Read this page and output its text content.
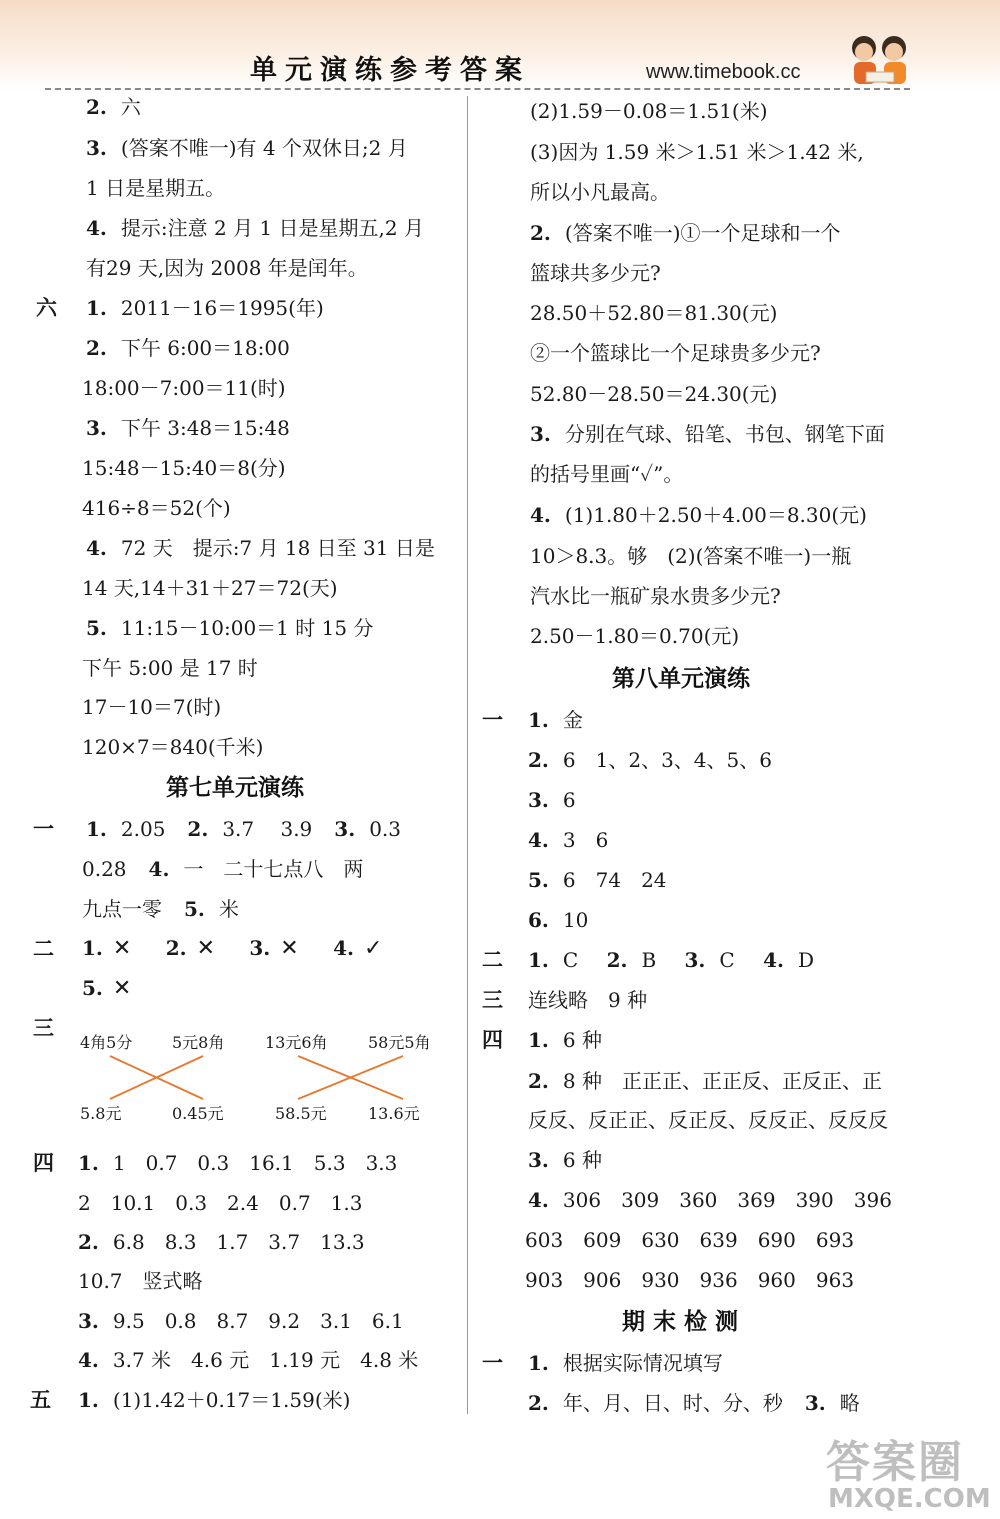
单元演练参考答案	www.timebook.cc
2. 六
3. (答案不唯一)有 4 个双休日;2 月
1 日是星期五。
4. 提示:注意 2 月 1 日是星期五,2 月
有29 天,因为 2008 年是闰年。
六 1. 2011－16＝1995(年)
2. 下午 6:00＝18:00
18:00－7:00＝11(时)
3. 下午 3:48＝15:48
15:48－15:40＝8(分)
416÷8＝52(个)
4. 72 天　提示:7 月 18 日至 31 日是
14 天,14＋31＋27＝72(天)
5. 11:15－10:00＝1 时 15 分
下午 5:00 是 17 时
17－10＝7(时)
120×7＝840(千米)
第七单元演练
一 1. 2.05 2. 3.7　 3.9 3. 0.3
0.28 4. 一　二十七点八　两
九点一零 5. 米
二 1. ✕ 2. ✕ 3. ✕ 4. ✓
5. ✕
三
4角5分 5元8角	13元6角	58元5角
5.8元	0.45元	58.5元	13.6元
四 1. 1　0.7　0.3　16.1　5.3　3.3
2　10.1　0.3　2.4　0.7　1.3
2. 6.8　8.3　1.7　3.7　13.3
10.7　竖式略
3. 9.5　0.8　8.7　9.2　3.1　6.1
4. 3.7 米　4.6 元　1.19 元　4.8 米
五 1. (1)1.42＋0.17＝1.59(米)
(2)1.59－0.08＝1.51(米)
(3)因为 1.59 米＞1.51 米＞1.42 米,
所以小凡最高。
2. (答案不唯一)①一个足球和一个
篮球共多少元?
28.50＋52.80＝81.30(元)
②一个篮球比一个足球贵多少元?
52.80－28.50＝24.30(元)
3. 分别在气球、铅笔、书包、钢笔下面
的括号里画“✓”。
4. (1)1.80＋2.50＋4.00＝8.30(元)
10＞8.3。够　(2)(答案不唯一)一瓶
汽水比一瓶矿泉水贵多少元?
2.50－1.80＝0.70(元)
第八单元演练
一 1. 金
2. 6　1、2、3、4、5、6
3. 6
4. 3　6
5. 6　74　24
6. 10
二 1. C 2. B 3. C 4. D
三 连线略　9 种
四 1. 6 种
2. 8 种　正正正、正正反、正反正、正
反反、反正正、反正反、反反正、反反反
3. 6 种
4. 306　309　360　369　390　396
603　609　630　639　690　693
903　906　930　936　960　963
期末检测
一 1. 根据实际情况填写
2. 年、月、日、时、分、秒 3. 略
答案圈
MXQE.COM
